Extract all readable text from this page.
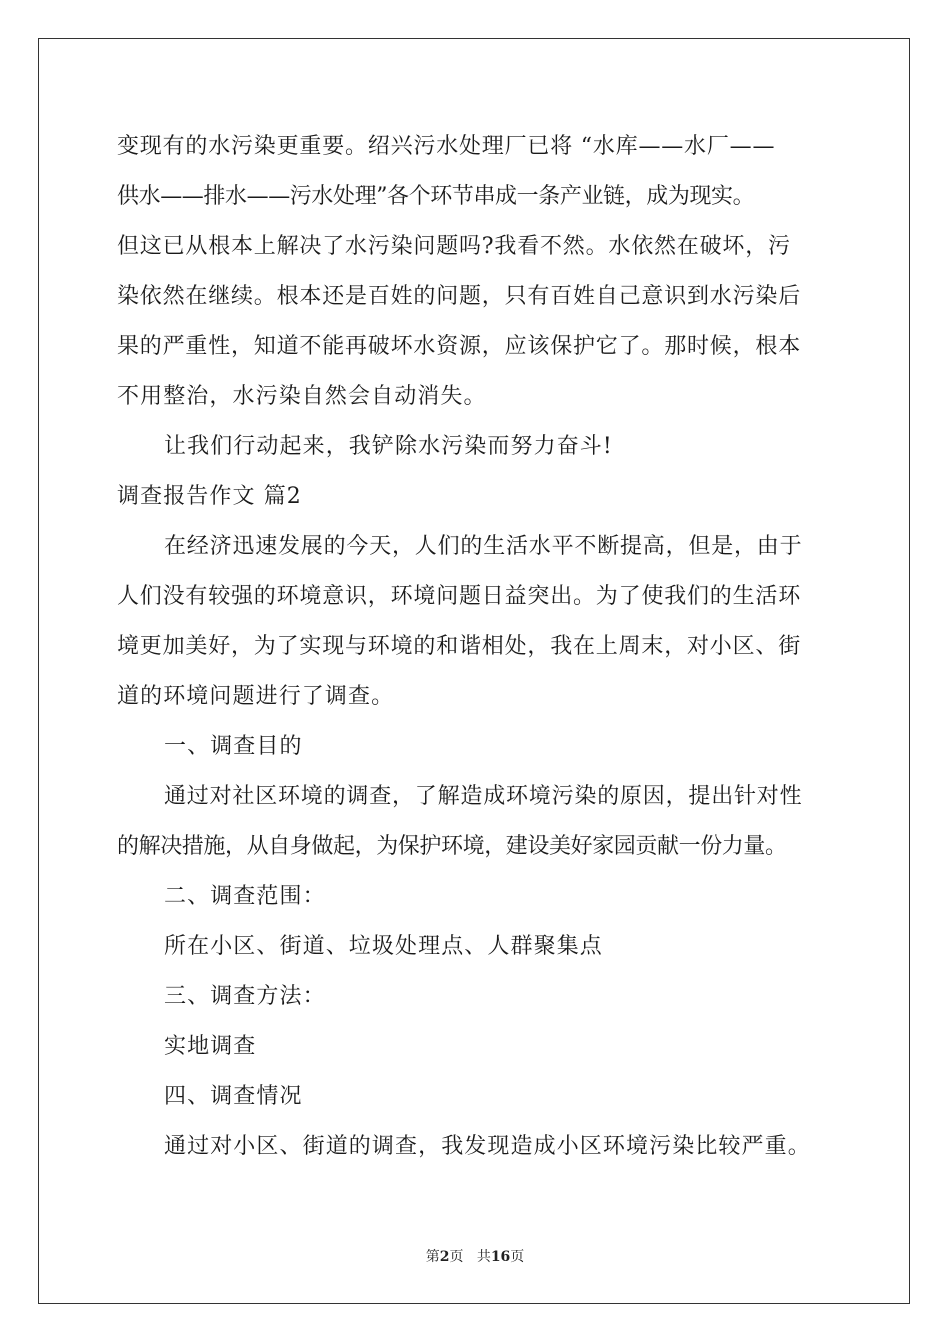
变现有的水污染更重要。绍兴污水处理厂已将 “水库——水厂——
供水——排水——污水处理”各个环节串成一条产业链，成为现实。
但这已从根本上解决了水污染问题吗?我看不然。水依然在破坏，污
染依然在继续。根本还是百姓的问题，只有百姓自己意识到水污染后
果的严重性，知道不能再破坏水资源，应该保护它了。那时候，根本
不用整治，水污染自然会自动消失。
让我们行动起来，我铲除水污染而努力奋斗!
调查报告作文 篇2
在经济迅速发展的今天，人们的生活水平不断提高，但是，由于
人们没有较强的环境意识，环境问题日益突出。为了使我们的生活环
境更加美好，为了实现与环境的和谐相处，我在上周末，对小区、街
道的环境问题进行了调查。
一、调查目的
通过对社区环境的调查，了解造成环境污染的原因，提出针对性
的解决措施，从自身做起，为保护环境，建设美好家园贡献一份力量。
二、调查范围：
所在小区、街道、垃圾处理点、人群聚集点
三、调查方法：
实地调查
四、调查情况
通过对小区、街道的调查，我发现造成小区环境污染比较严重。
第2页 共16页
